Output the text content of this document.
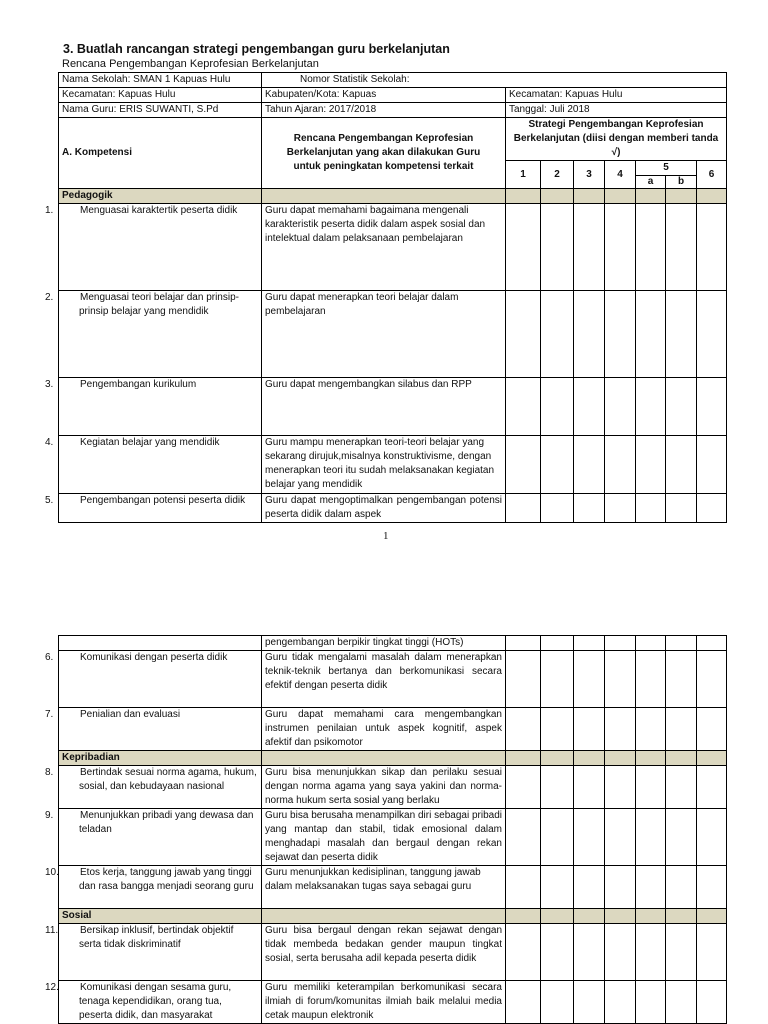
3. Buatlah rancangan strategi pengembangan guru berkelanjutan
Rencana Pengembangan Keprofesian Berkelanjutan
Nama Sekolah: SMAN 1 Kapuas Hulu	Nomor Statistik Sekolah:							
Kecamatan: Kapuas Hulu	Kabupaten/Kota: Kapuas	Kecamatan: Kapuas Hulu						
Nama Guru: ERIS SUWANTI, S.Pd	Tahun Ajaran: 2017/2018	Tanggal: Juli 2018						
A. Kompetensi	Rencana Pengembangan Keprofesian Berkelanjutan yang akan dilakukan Guru untuk peningkatan kompetensi terkait	Strategi Pengembangan Keprofesian Berkelanjutan (diisi dengan memberi tanda √)						
		1	2	3	4	5		6
						a	b	
Pedagogik								
1. Menguasai karaktertik peserta didik	Guru dapat memahami bagaimana mengenali karakteristik peserta didik dalam aspek sosial dan intelektual dalam pelaksanaan pembelajaran							
2. Menguasai teori belajar dan prinsip-prinsip belajar yang mendidik	Guru dapat menerapkan teori belajar dalam pembelajaran							
3. Pengembangan kurikulum	Guru dapat mengembangkan silabus dan RPP							
4. Kegiatan belajar yang mendidik	Guru mampu menerapkan teori-teori belajar yang sekarang dirujuk,misalnya konstruktivisme, dengan menerapkan teori itu sudah melaksanakan kegiatan belajar yang mendidik							
5. Pengembangan potensi peserta didik	Guru dapat mengoptimalkan pengembangan potensi peserta didik dalam aspek							
1
	pengembangan berpikir tingkat tinggi (HOTs)							
6. Komunikasi dengan peserta didik	Guru tidak mengalami masalah dalam menerapkan teknik-teknik bertanya dan berkomunikasi secara efektif dengan peserta didik							
7. Penialian dan evaluasi	Guru dapat memahami cara mengembangkan instrumen penilaian untuk aspek kognitif, aspek afektif dan psikomotor							
Kepribadian								
8. Bertindak sesuai norma agama, hukum, sosial, dan kebudayaan nasional	Guru bisa menunjukkan sikap dan perilaku sesuai dengan norma agama yang saya yakini dan norma-norma hukum serta sosial yang berlaku							
9. Menunjukkan pribadi yang dewasa dan teladan	Guru bisa berusaha menampilkan diri sebagai pribadi yang mantap dan stabil, tidak emosional dalam menghadapi masalah dan bergaul dengan rekan sejawat dan peserta didik							
10. Etos kerja, tanggung jawab yang tinggi dan rasa bangga menjadi seorang guru	Guru menunjukkan kedisiplinan, tanggung jawab dalam melaksanakan tugas saya sebagai guru							
Sosial								
11. Bersikap inklusif, bertindak objektif serta tidak diskriminatif	Guru bisa bergaul dengan rekan sejawat dengan tidak membeda bedakan gender maupun tingkat sosial, serta berusaha adil kepada peserta didik							
12. Komunikasi dengan sesama guru, tenaga kependidikan, orang tua, peserta didik, dan masyarakat	Guru memiliki keterampilan berkomunikasi secara ilmiah di forum/komunitas ilmiah baik melalui media cetak maupun elektronik							
